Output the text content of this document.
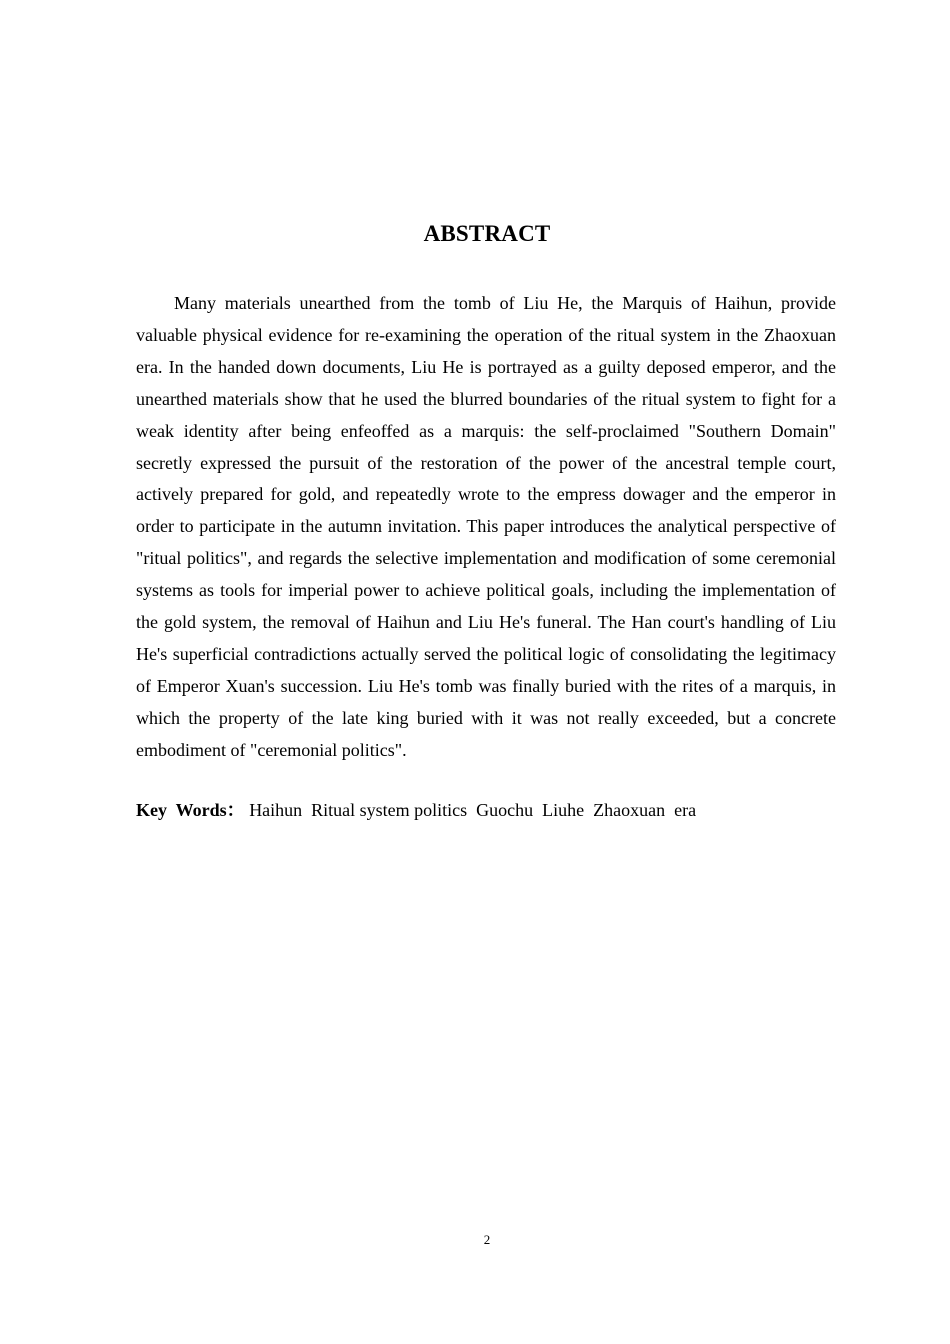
ABSTRACT

Many materials unearthed from the tomb of Liu He, the Marquis of Haihun, provide valuable physical evidence for re-examining the operation of the ritual system in the Zhaoxuan era. In the handed down documents, Liu He is portrayed as a guilty deposed emperor, and the unearthed materials show that he used the blurred boundaries of the ritual system to fight for a weak identity after being enfeoffed as a marquis: the self-proclaimed "Southern Domain" secretly expressed the pursuit of the restoration of the power of the ancestral temple court, actively prepared for gold, and repeatedly wrote to the empress dowager and the emperor in order to participate in the autumn invitation. This paper introduces the analytical perspective of "ritual politics", and regards the selective implementation and modification of some ceremonial systems as tools for imperial power to achieve political goals, including the implementation of the gold system, the removal of Haihun and Liu He's funeral. The Han court's handling of Liu He's superficial contradictions actually served the political logic of consolidating the legitimacy of Emperor Xuan's succession. Liu He's tomb was finally buried with the rites of a marquis, in which the property of the late king buried with it was not really exceeded, but a concrete embodiment of "ceremonial politics".

Key  Words： Haihun  Ritual system politics  Guochu  Liuhe  Zhaoxuan  era
2
